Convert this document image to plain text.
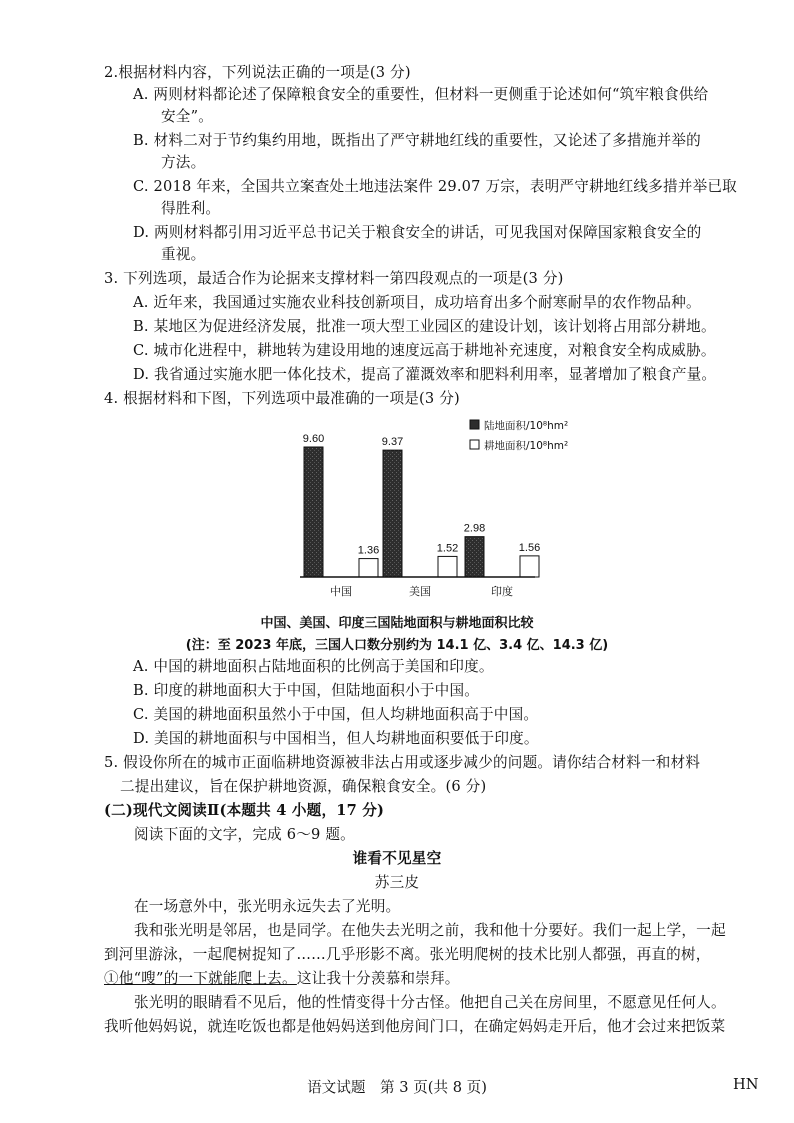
2.根据材料内容，下列说法正确的一项是(3 分)
A. 两则材料都论述了保障粮食安全的重要性，但材料一更侧重于论述如何“筑牢粮食供给
安全”。
B. 材料二对于节约集约用地，既指出了严守耕地红线的重要性，又论述了多措施并举的
方法。
C. 2018 年来，全国共立案查处土地违法案件 29.07 万宗，表明严守耕地红线多措并举已取
得胜利。
D. 两则材料都引用习近平总书记关于粮食安全的讲话，可见我国对保障国家粮食安全的
重视。
3. 下列选项，最适合作为论据来支撑材料一第四段观点的一项是(3 分)
A. 近年来，我国通过实施农业科技创新项目，成功培育出多个耐寒耐旱的农作物品种。
B. 某地区为促进经济发展，批准一项大型工业园区的建设计划，该计划将占用部分耕地。
C. 城市化进程中，耕地转为建设用地的速度远高于耕地补充速度，对粮食安全构成威胁。
D. 我省通过实施水肥一体化技术，提高了灌溉效率和肥料利用率，显著增加了粮食产量。
4. 根据材料和下图，下列选项中最准确的一项是(3 分)
9.60
1.36
中国
9.37
1.52
美国
2.98
1.56
印度
陆地面积/10⁸hm²
耕地面积/10⁸hm²
中国、美国、印度三国陆地面积与耕地面积比较
(注：至 2023 年底，三国人口数分别约为 14.1 亿、3.4 亿、14.3 亿)
A. 中国的耕地面积占陆地面积的比例高于美国和印度。
B. 印度的耕地面积大于中国，但陆地面积小于中国。
C. 美国的耕地面积虽然小于中国，但人均耕地面积高于中国。
D. 美国的耕地面积与中国相当，但人均耕地面积要低于印度。
5. 假设你所在的城市正面临耕地资源被非法占用或逐步减少的问题。请你结合材料一和材料
二提出建议，旨在保护耕地资源，确保粮食安全。(6 分)
(二)现代文阅读Ⅱ(本题共 4 小题，17 分)
阅读下面的文字，完成 6～9 题。
谁看不见星空
苏三皮
在一场意外中，张光明永远失去了光明。
我和张光明是邻居，也是同学。在他失去光明之前，我和他十分要好。我们一起上学，一起
到河里游泳，一起爬树捉知了……几乎形影不离。张光明爬树的技术比别人都强，再直的树，
①他“嗖”的一下就能爬上去。这让我十分羡慕和崇拜。
张光明的眼睛看不见后，他的性情变得十分古怪。他把自己关在房间里，不愿意见任何人。
我听他妈妈说，就连吃饭也都是他妈妈送到他房间门口，在确定妈妈走开后，他才会过来把饭菜
语文试题　第 3 页(共 8 页)	HN
